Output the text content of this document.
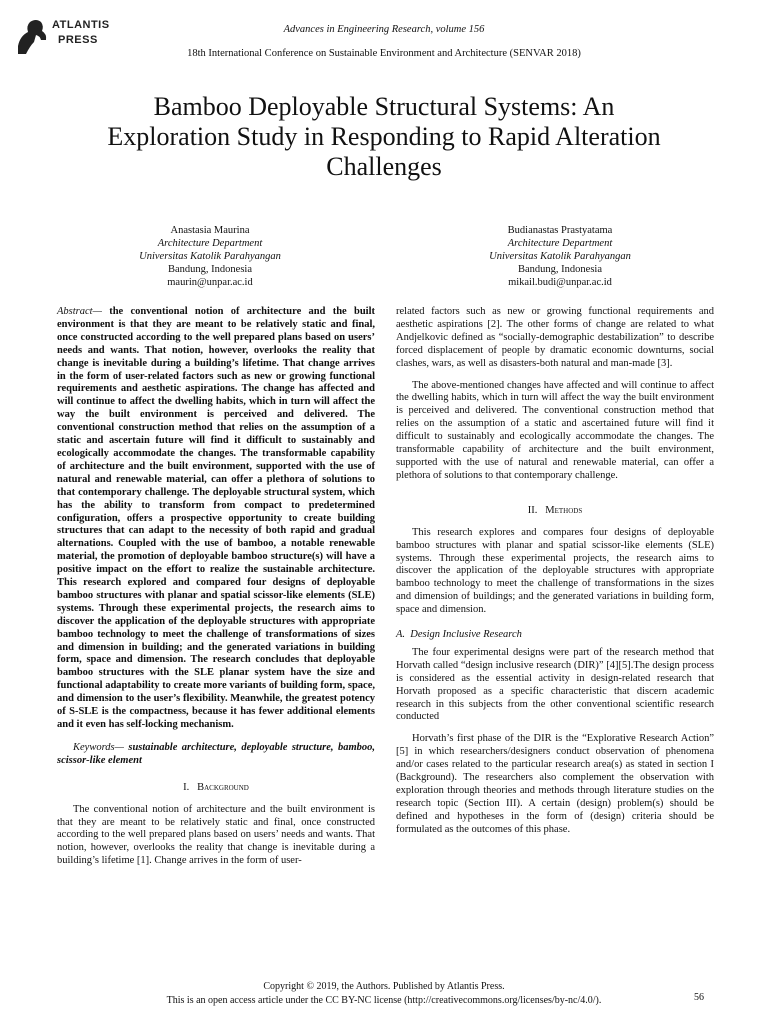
ATLANTIS
PRESS
Advances in Engineering Research, volume 156
18th International Conference on Sustainable Environment and Architecture (SENVAR 2018)
Bamboo Deployable Structural Systems: An Exploration Study in Responding to Rapid Alteration Challenges
Anastasia Maurina
Architecture Department
Universitas Katolik Parahyangan
Bandung, Indonesia
maurin@unpar.ac.id
Budianastas Prastyatama
Architecture Department
Universitas Katolik Parahyangan
Bandung, Indonesia
mikail.budi@unpar.ac.id

Abstract— the conventional notion of architecture and the built environment is that they are meant to be relatively static and final, once constructed according to the well prepared plans based on users’ needs and wants. That notion, however, overlooks the reality that change is inevitable during a building’s lifetime. That change arrives in the form of user-related factors such as new or growing functional requirements and aesthetic aspirations. The change has affected and will continue to affect the dwelling habits, which in turn will affect the way the built environment is perceived and delivered. The conventional construction method that relies on the assumption of a static and ascertain future will find it difficult to sustainably and ecologically accommodate the changes. The transformable capability of architecture and the built environment, supported with the use of natural and renewable material, can offer a plethora of solutions to that contemporary challenge. The deployable structural system, which has the ability to transform from compact to predetermined configuration, offers a prospective opportunity to create building structures that can adapt to the necessity of both rapid and gradual alternations. Coupled with the use of bamboo, a notable renewable material, the promotion of deployable bamboo structure(s) will have a positive impact on the effort to realize the sustainable architecture. This research explored and compared four designs of deployable bamboo structures with planar and spatial scissor-like elements (SLE) systems. Through these experimental projects, the research aims to discover the application of the deployable structures with appropriate bamboo technology to meet the challenge of transformations of sizes and dimension in building; and the generated variations in building form, space and dimension. The research concludes that deployable bamboo structures with the SLE planar system have the size and functional adaptability to create more variants of building form, space, and dimension to the user’s flexibility. Meanwhile, the greatest potency of S-SLE is the compactness, because it has fewer additional elements and it even has self-locking mechanism.

Keywords— sustainable architecture, deployable structure, bamboo, scissor-like element

I. Background

The conventional notion of architecture and the built environment is that they are meant to be relatively static and final, once constructed according to the well prepared plans based on users’ needs and wants. That notion, however, overlooks the reality that change is inevitable during a building’s lifetime [1]. Change arrives in the form of user-

related factors such as new or growing functional requirements and aesthetic aspirations [2]. The other forms of change are related to what Andjelkovic defined as “socially-demographic destabilization” to describe forced displacement of people by dramatic economic downturns, social clashes, wars, as well as disasters-both natural and man-made [3].

The above-mentioned changes have affected and will continue to affect the dwelling habits, which in turn will affect the way the built environment is perceived and delivered. The conventional construction method that relies on the assumption of a static and ascertained future will find it difficult to sustainably and ecologically accommodate the changes. The transformable capability of architecture and the built environment, supported with the use of natural and renewable material, can offer a plethora of solutions to that contemporary challenge.

II. Methods

This research explores and compares four designs of deployable bamboo structures with planar and spatial scissor-like elements (SLE) systems. Through these experimental projects, the research aims to discover the application of the deployable structures with appropriate bamboo technology to meet the challenge of transformations in the sizes and dimension of buildings; and the generated variations in building form, space and dimension.

A. Design Inclusive Research

The four experimental designs were part of the research method that Horvath called “design inclusive research (DIR)” [4][5].The design process is considered as the essential activity in design-related research that Horvath proposed as a specific characteristic that discern academic research in this subjects from the other conventional scientific research conducted

Horvath’s first phase of the DIR is the “Explorative Research Action” [5] in which researchers/designers conduct observation of phenomena and/or cases related to the particular research area(s) as stated in section I (Background). The researchers also complement the observation with exploration through theories and methods through literature studies on the research topic (Section III). A certain (design) problem(s) should be defined and hypotheses in the form of (design) criteria should be formulated as the outcomes of this phase.

Copyright © 2019, the Authors. Published by Atlantis Press.
This is an open access article under the CC BY-NC license (http://creativecommons.org/licenses/by-nc/4.0/).	56
